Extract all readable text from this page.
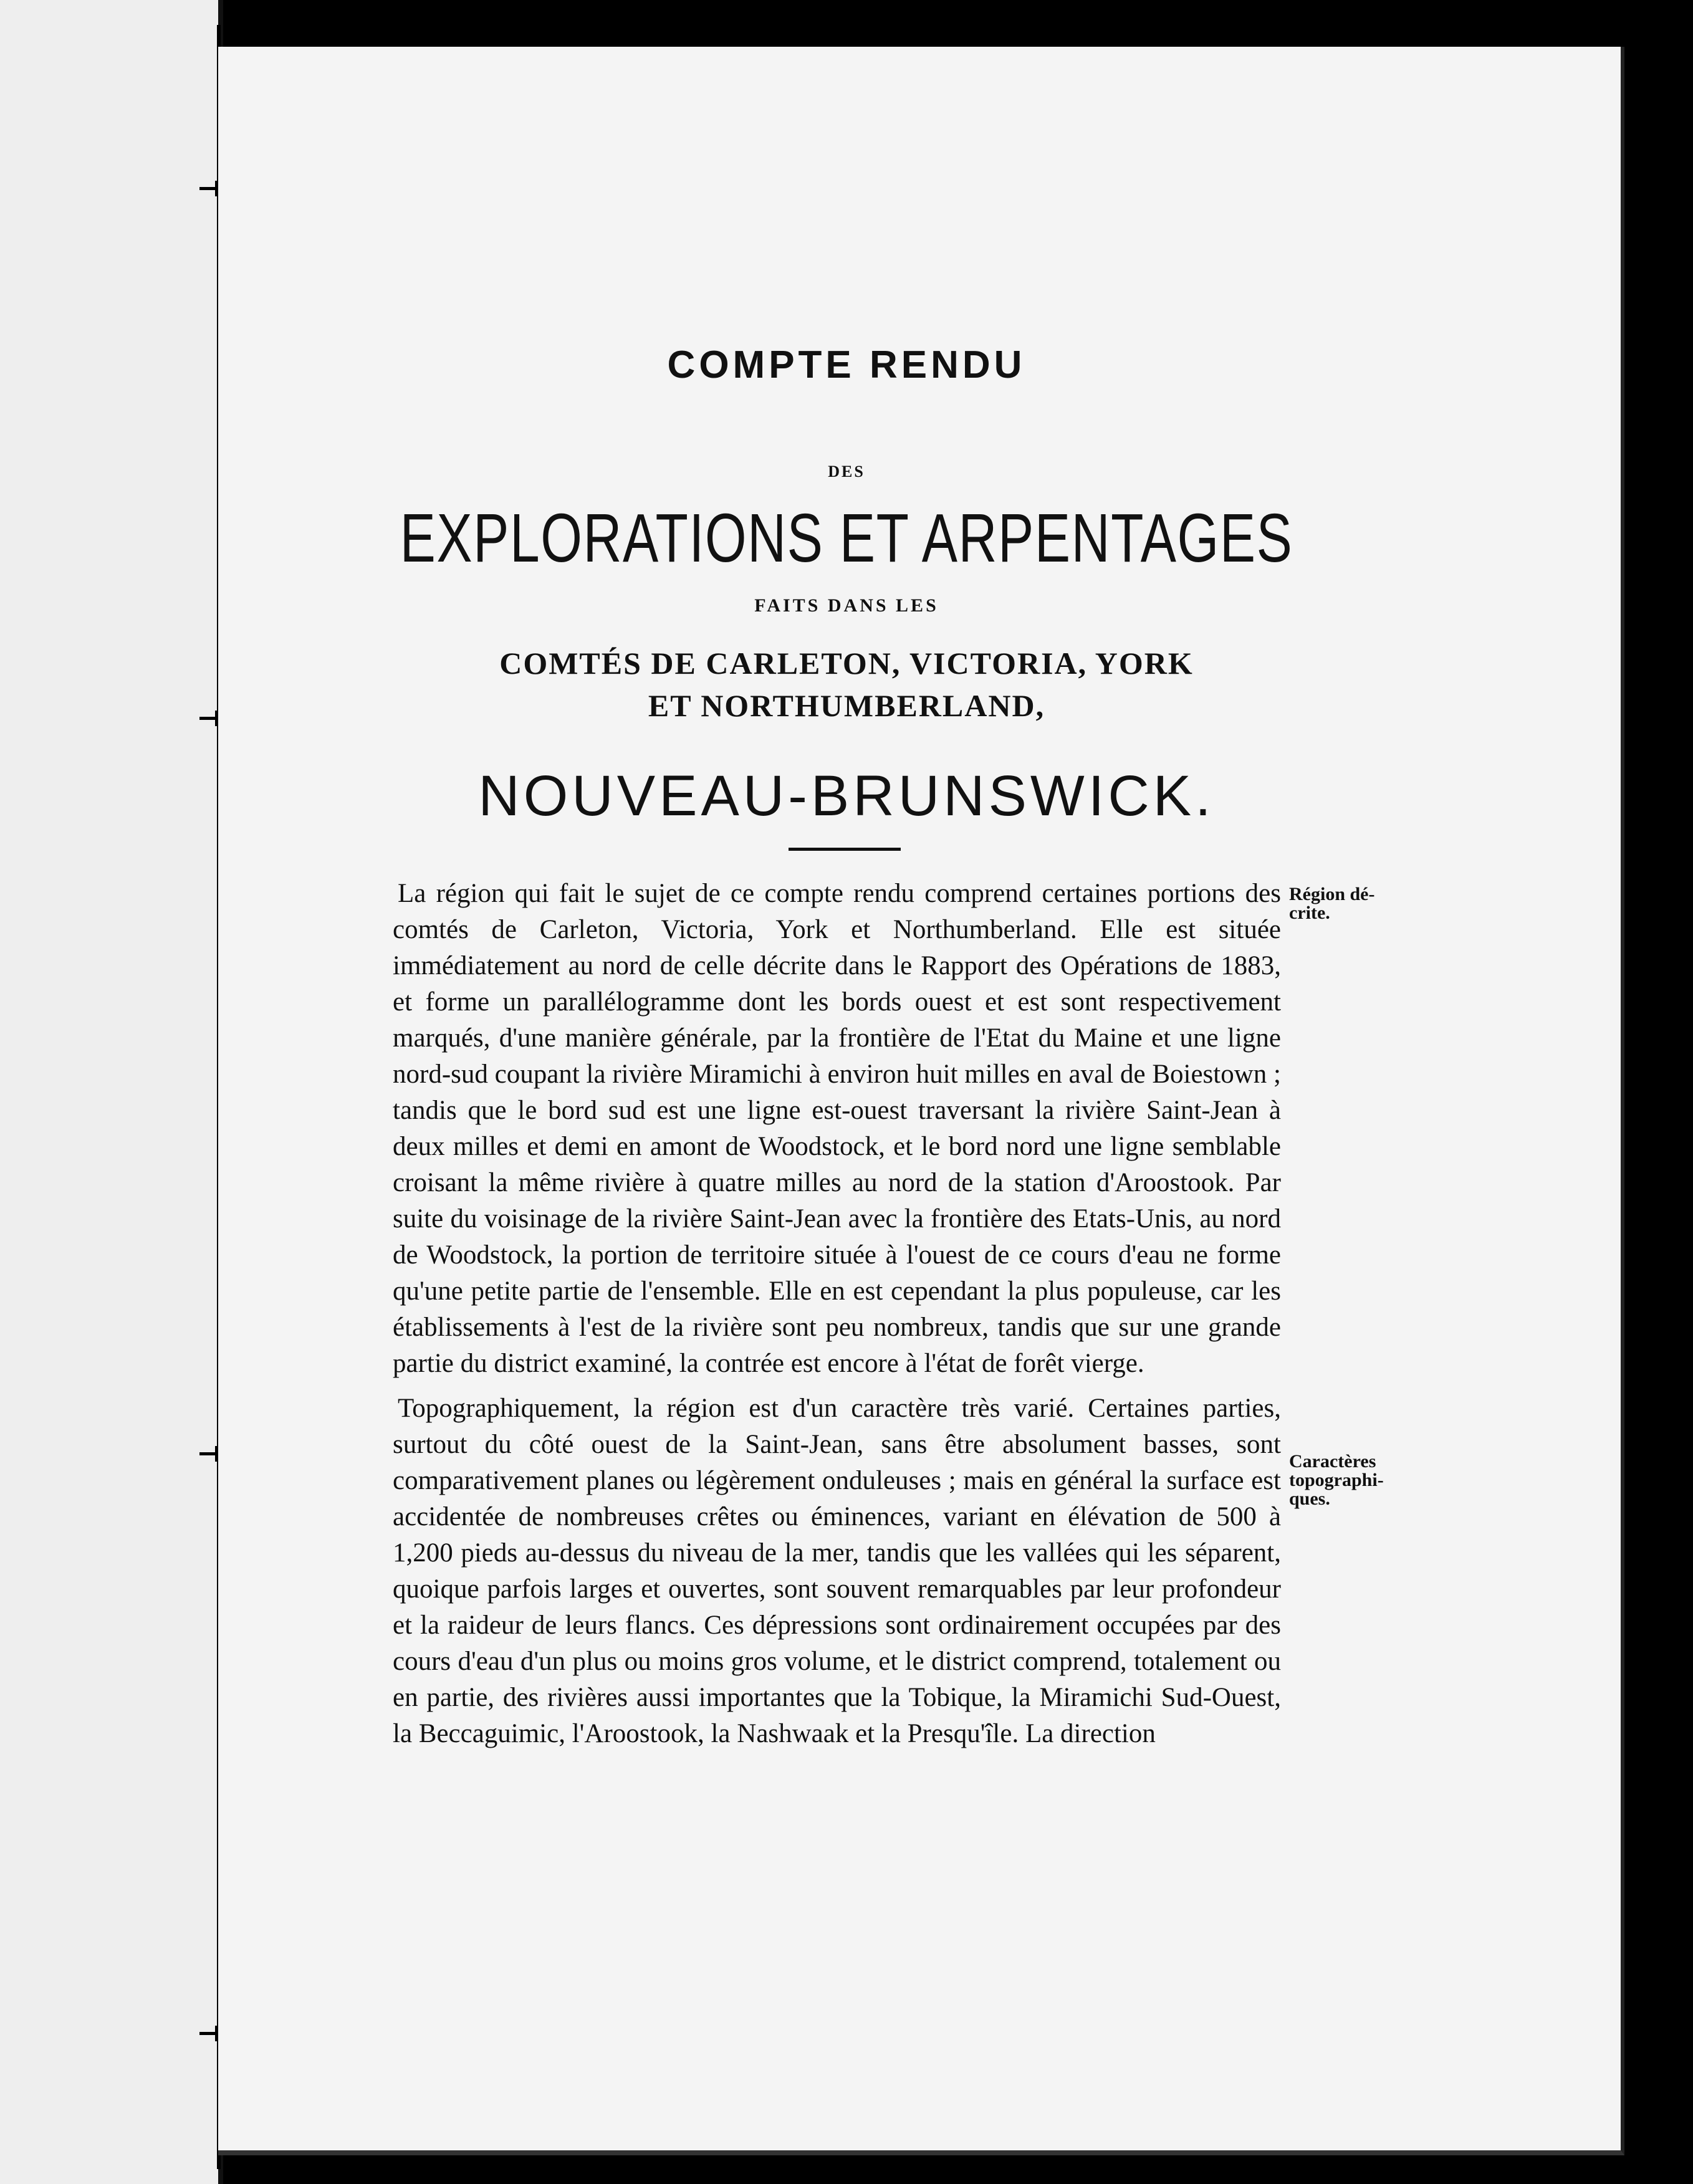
COMPTE RENDU
DES
EXPLORATIONS ET ARPENTAGES
FAITS DANS LES
COMTÉS DE CARLETON, VICTORIA, YORK
ET NORTHUMBERLAND,
NOUVEAU-BRUNSWICK.

La région qui fait le sujet de ce compte rendu comprend certaines portions des comtés de Carleton, Victoria, York et Northumberland. Elle est située immédiatement au nord de celle décrite dans le Rapport des Opérations de 1883, et forme un parallélogramme dont les bords ouest et est sont respectivement marqués, d'une manière générale, par la frontière de l'Etat du Maine et une ligne nord-sud coupant la rivière Miramichi à environ huit milles en aval de Boiestown ; tandis que le bord sud est une ligne est-ouest traversant la rivière Saint-Jean à deux milles et demi en amont de Woodstock, et le bord nord une ligne semblable croisant la même rivière à quatre milles au nord de la station d'Aroostook. Par suite du voisinage de la rivière Saint-Jean avec la frontière des Etats-Unis, au nord de Woodstock, la portion de territoire située à l'ouest de ce cours d'eau ne forme qu'une petite partie de l'ensemble. Elle en est cependant la plus populeuse, car les établissements à l'est de la rivière sont peu nombreux, tandis que sur une grande partie du district examiné, la contrée est encore à l'état de forêt vierge.

Topographiquement, la région est d'un caractère très varié. Certaines parties, surtout du côté ouest de la Saint-Jean, sans être absolument basses, sont comparativement planes ou légèrement onduleuses ; mais en général la surface est accidentée de nombreuses crêtes ou éminences, variant en élévation de 500 à 1,200 pieds au-dessus du niveau de la mer, tandis que les vallées qui les séparent, quoique parfois larges et ouvertes, sont souvent remarquables par leur profondeur et la raideur de leurs flancs. Ces dépressions sont ordinairement occupées par des cours d'eau d'un plus ou moins gros volume, et le district comprend, totalement ou en partie, des rivières aussi importantes que la Tobique, la Miramichi Sud-Ouest, la Beccaguimic, l'Aroostook, la Nashwaak et la Presqu'île. La direction

Région dé-crite.
Caractères topographi-ques.
